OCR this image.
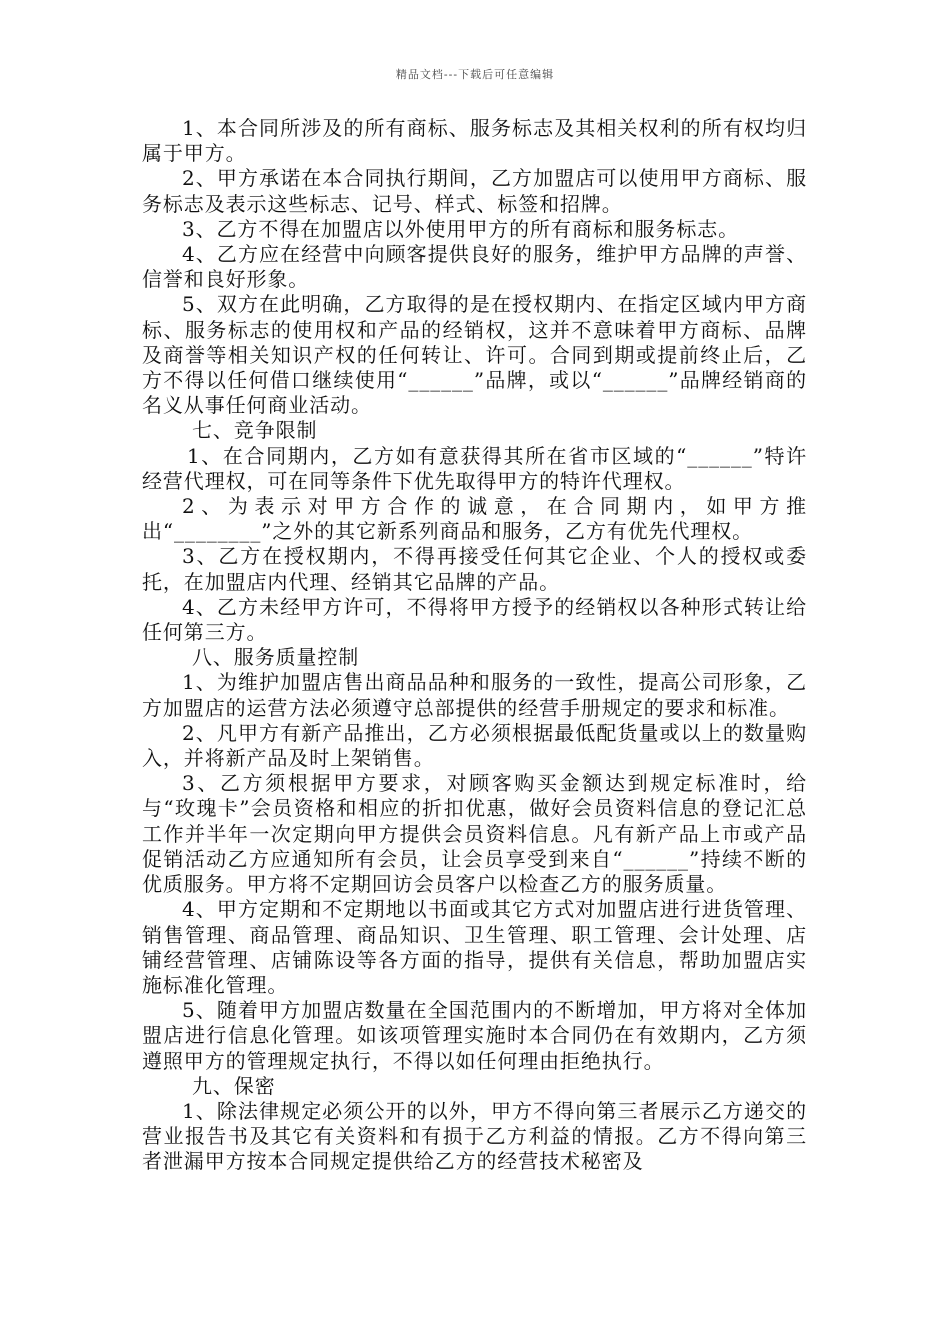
精品文档---下载后可任意编辑

1、本合同所涉及的所有商标、服务标志及其相关权利的所有权均归属于甲方。

2、甲方承诺在本合同执行期间，乙方加盟店可以使用甲方商标、服务标志及表示这些标志、记号、样式、标签和招牌。

3、乙方不得在加盟店以外使用甲方的所有商标和服务标志。

4、乙方应在经营中向顾客提供良好的服务，维护甲方品牌的声誉、信誉和良好形象。

5、双方在此明确，乙方取得的是在授权期内、在指定区域内甲方商标、服务标志的使用权和产品的经销权，这并不意味着甲方商标、品牌及商誉等相关知识产权的任何转让、许可。合同到期或提前终止后，乙方不得以任何借口继续使用“______”品牌，或以“______”品牌经销商的名义从事任何商业活动。

七、竞争限制

1、在合同期内，乙方如有意获得其所在省市区域的“______”特许经营代理权，可在同等条件下优先取得甲方的特许代理权。

2、为表示对甲方合作的诚意，在合同期内，如甲方推出“________”之外的其它新系列商品和服务，乙方有优先代理权。

3、乙方在授权期内，不得再接受任何其它企业、个人的授权或委托，在加盟店内代理、经销其它品牌的产品。

4、乙方未经甲方许可，不得将甲方授予的经销权以各种形式转让给任何第三方。

八、服务质量控制

1、为维护加盟店售出商品品种和服务的一致性，提高公司形象，乙方加盟店的运营方法必须遵守总部提供的经营手册规定的要求和标准。

2、凡甲方有新产品推出，乙方必须根据最低配货量或以上的数量购入，并将新产品及时上架销售。

3、乙方须根据甲方要求，对顾客购买金额达到规定标准时，给与“玫瑰卡”会员资格和相应的折扣优惠，做好会员资料信息的登记汇总工作并半年一次定期向甲方提供会员资料信息。凡有新产品上市或产品促销活动乙方应通知所有会员，让会员享受到来自“______”持续不断的优质服务。甲方将不定期回访会员客户以检查乙方的服务质量。

4、甲方定期和不定期地以书面或其它方式对加盟店进行进货管理、销售管理、商品管理、商品知识、卫生管理、职工管理、会计处理、店铺经营管理、店铺陈设等各方面的指导，提供有关信息，帮助加盟店实施标准化管理。

5、随着甲方加盟店数量在全国范围内的不断增加，甲方将对全体加盟店进行信息化管理。如该项管理实施时本合同仍在有效期内，乙方须遵照甲方的管理规定执行，不得以如任何理由拒绝执行。

九、保密

1、除法律规定必须公开的以外，甲方不得向第三者展示乙方递交的营业报告书及其它有关资料和有损于乙方利益的情报。乙方不得向第三者泄漏甲方按本合同规定提供给乙方的经营技术秘密及
